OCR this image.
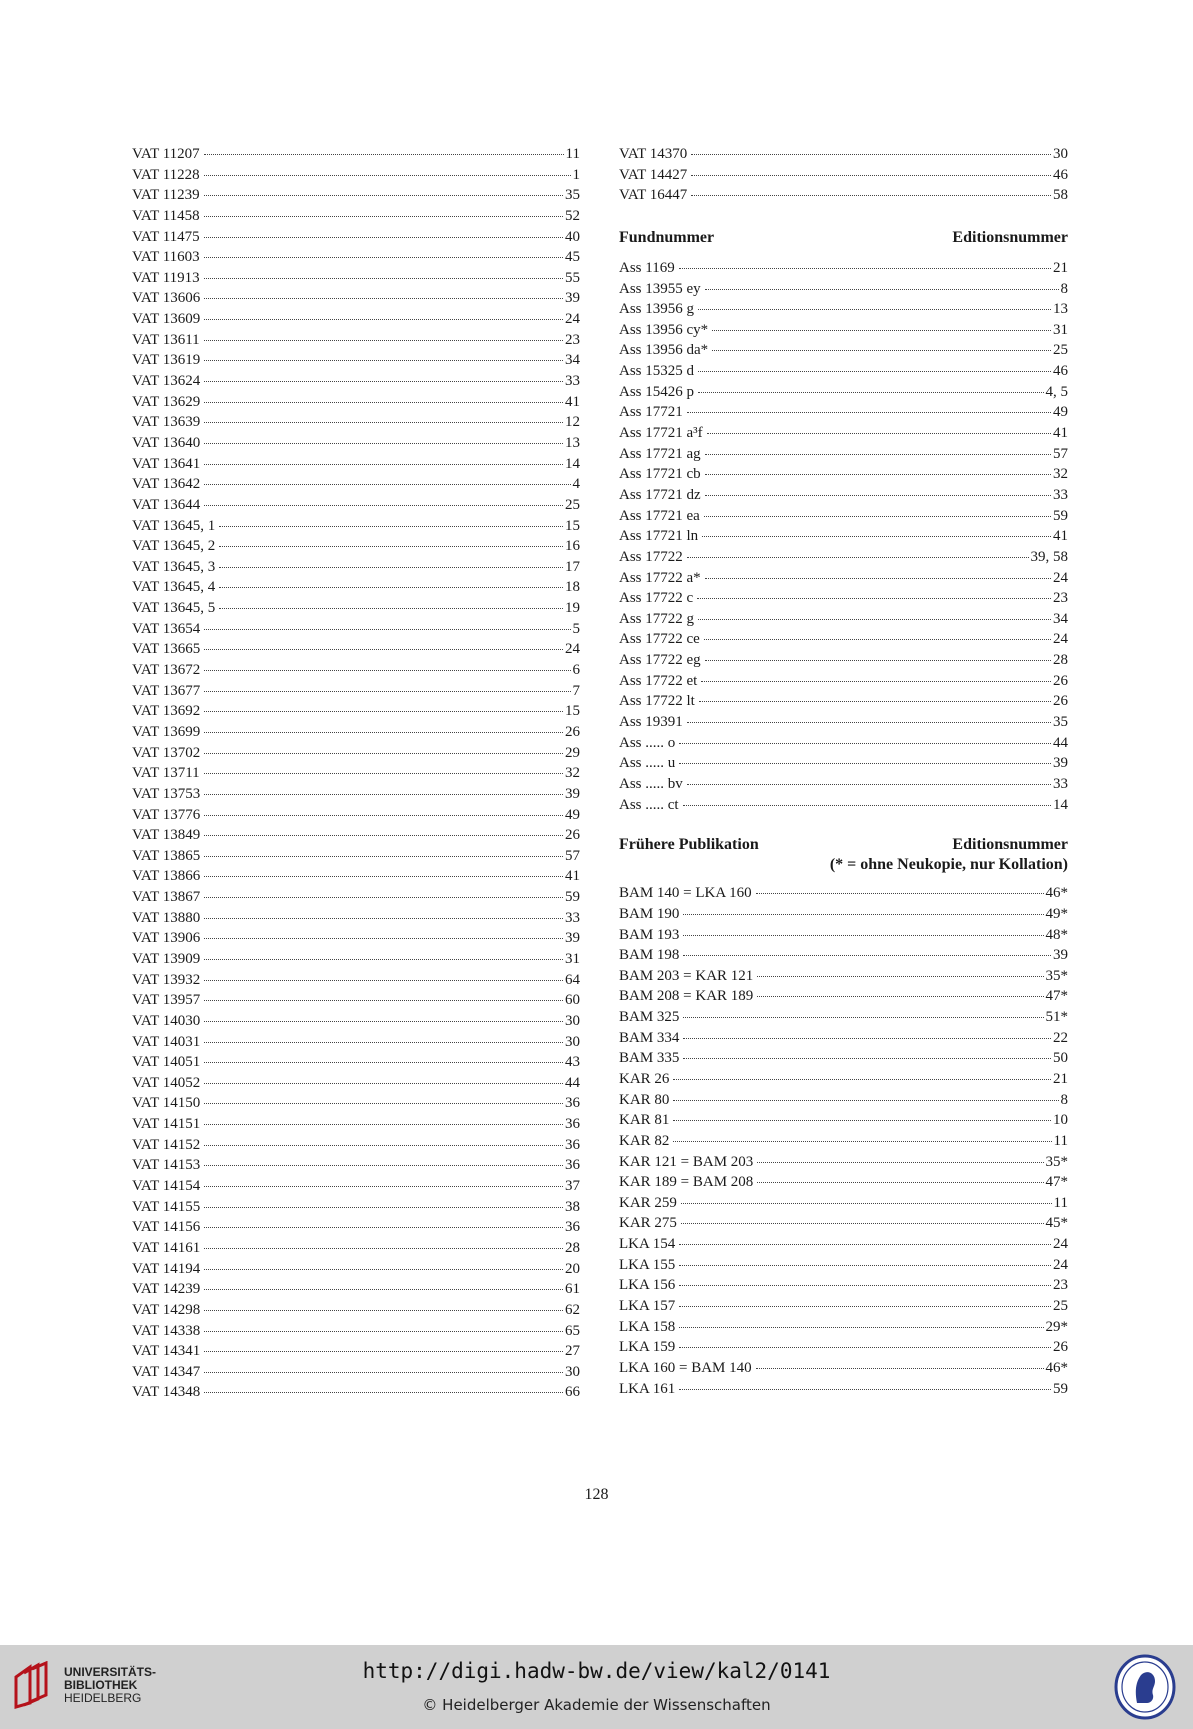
VAT 11207	11
VAT 11228	1
VAT 11239	35
VAT 11458	52
VAT 11475	40
VAT 11603	45
VAT 11913	55
VAT 13606	39
VAT 13609	24
VAT 13611	23
VAT 13619	34
VAT 13624	33
VAT 13629	41
VAT 13639	12
VAT 13640	13
VAT 13641	14
VAT 13642	4
VAT 13644	25
VAT 13645, 1	15
VAT 13645, 2	16
VAT 13645, 3	17
VAT 13645, 4	18
VAT 13645, 5	19
VAT 13654	5
VAT 13665	24
VAT 13672	6
VAT 13677	7
VAT 13692	15
VAT 13699	26
VAT 13702	29
VAT 13711	32
VAT 13753	39
VAT 13776	49
VAT 13849	26
VAT 13865	57
VAT 13866	41
VAT 13867	59
VAT 13880	33
VAT 13906	39
VAT 13909	31
VAT 13932	64
VAT 13957	60
VAT 14030	30
VAT 14031	30
VAT 14051	43
VAT 14052	44
VAT 14150	36
VAT 14151	36
VAT 14152	36
VAT 14153	36
VAT 14154	37
VAT 14155	38
VAT 14156	36
VAT 14161	28
VAT 14194	20
VAT 14239	61
VAT 14298	62
VAT 14338	65
VAT 14341	27
VAT 14347	30
VAT 14348	66
VAT 14370	30
VAT 14427	46
VAT 16447	58
Fundnummer	Editionsnummer
Ass 1169	21
Ass 13955 ey	8
Ass 13956 g	13
Ass 13956 cy*	31
Ass 13956 da*	25
Ass 15325 d	46
Ass 15426 p	4, 5
Ass 17721	49
Ass 17721 a³f	41
Ass 17721 ag	57
Ass 17721 cb	32
Ass 17721 dz	33
Ass 17721 ea	59
Ass 17721 ln	41
Ass 17722	39, 58
Ass 17722 a*	24
Ass 17722 c	23
Ass 17722 g	34
Ass 17722 ce	24
Ass 17722 eg	28
Ass 17722 et	26
Ass 17722 lt	26
Ass 19391	35
Ass ..... o	44
Ass ..... u	39
Ass ..... bv	33
Ass ..... ct	14
Frühere Publikation	Editionsnummer
(* = ohne Neukopie, nur Kollation)
BAM 140 = LKA 160	46*
BAM 190	49*
BAM 193	48*
BAM 198	39
BAM 203 = KAR 121	35*
BAM 208 = KAR 189	47*
BAM 325	51*
BAM 334	22
BAM 335	50
KAR 26	21
KAR 80	8
KAR 81	10
KAR 82	11
KAR 121 = BAM 203	35*
KAR 189 = BAM 208	47*
KAR 259	11
KAR 275	45*
LKA 154	24
LKA 155	24
LKA 156	23
LKA 157	25
LKA 158	29*
LKA 159	26
LKA 160 = BAM 140	46*
LKA 161	59
128
UNIVERSITÄTS-
BIBLIOTHEK
HEIDELBERG
http://digi.hadw-bw.de/view/kal2/0141
© Heidelberger Akademie der Wissenschaften
